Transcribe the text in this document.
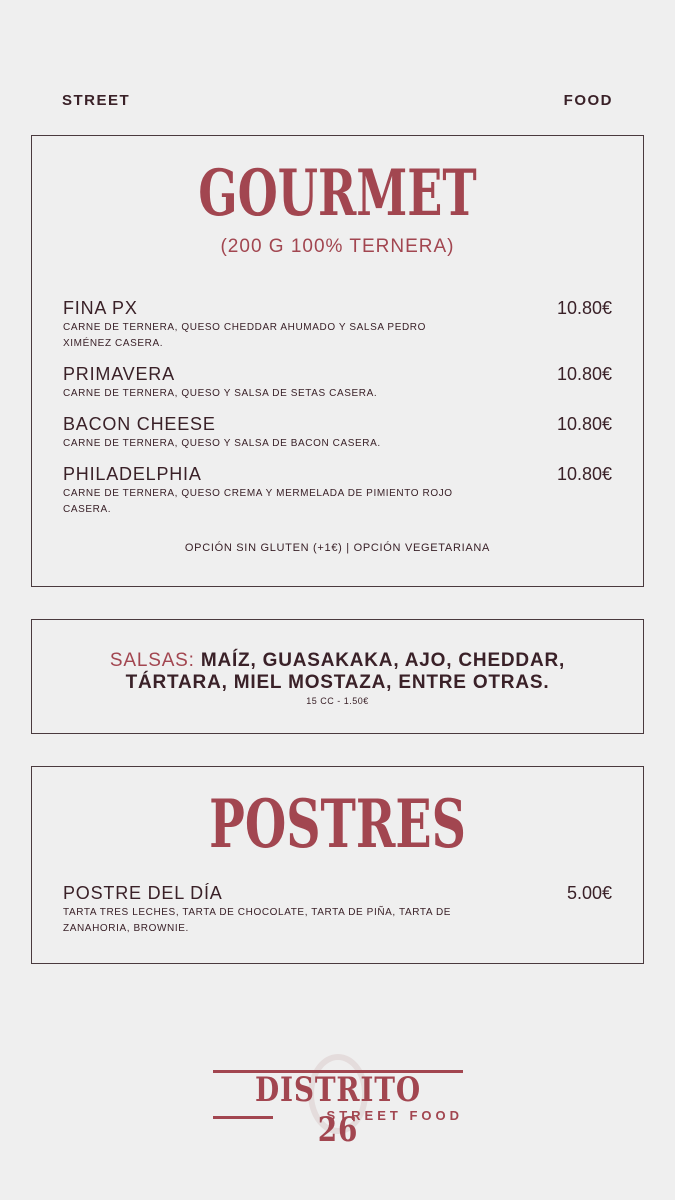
STREET	FOOD
GOURMET
(200 G 100% TERNERA)
FINA PX	10.80€
CARNE DE TERNERA, QUESO CHEDDAR AHUMADO Y SALSA PEDRO XIMÉNEZ CASERA.
PRIMAVERA	10.80€
CARNE DE TERNERA, QUESO Y SALSA DE SETAS CASERA.
BACON CHEESE	10.80€
CARNE DE TERNERA, QUESO Y SALSA DE BACON CASERA.
PHILADELPHIA	10.80€
CARNE DE TERNERA, QUESO CREMA Y MERMELADA DE PIMIENTO ROJO CASERA.
OPCIÓN SIN GLUTEN (+1€) | OPCIÓN VEGETARIANA
SALSAS: MAÍZ, GUASAKAKA, AJO, CHEDDAR,
TÁRTARA, MIEL MOSTAZA, ENTRE OTRAS.
15 CC - 1.50€
POSTRES
POSTRE DEL DÍA	5.00€
TARTA TRES LECHES, TARTA DE CHOCOLATE, TARTA DE PIÑA, TARTA DE ZANAHORIA, BROWNIE.
DISTRITO 26
STREET FOOD
